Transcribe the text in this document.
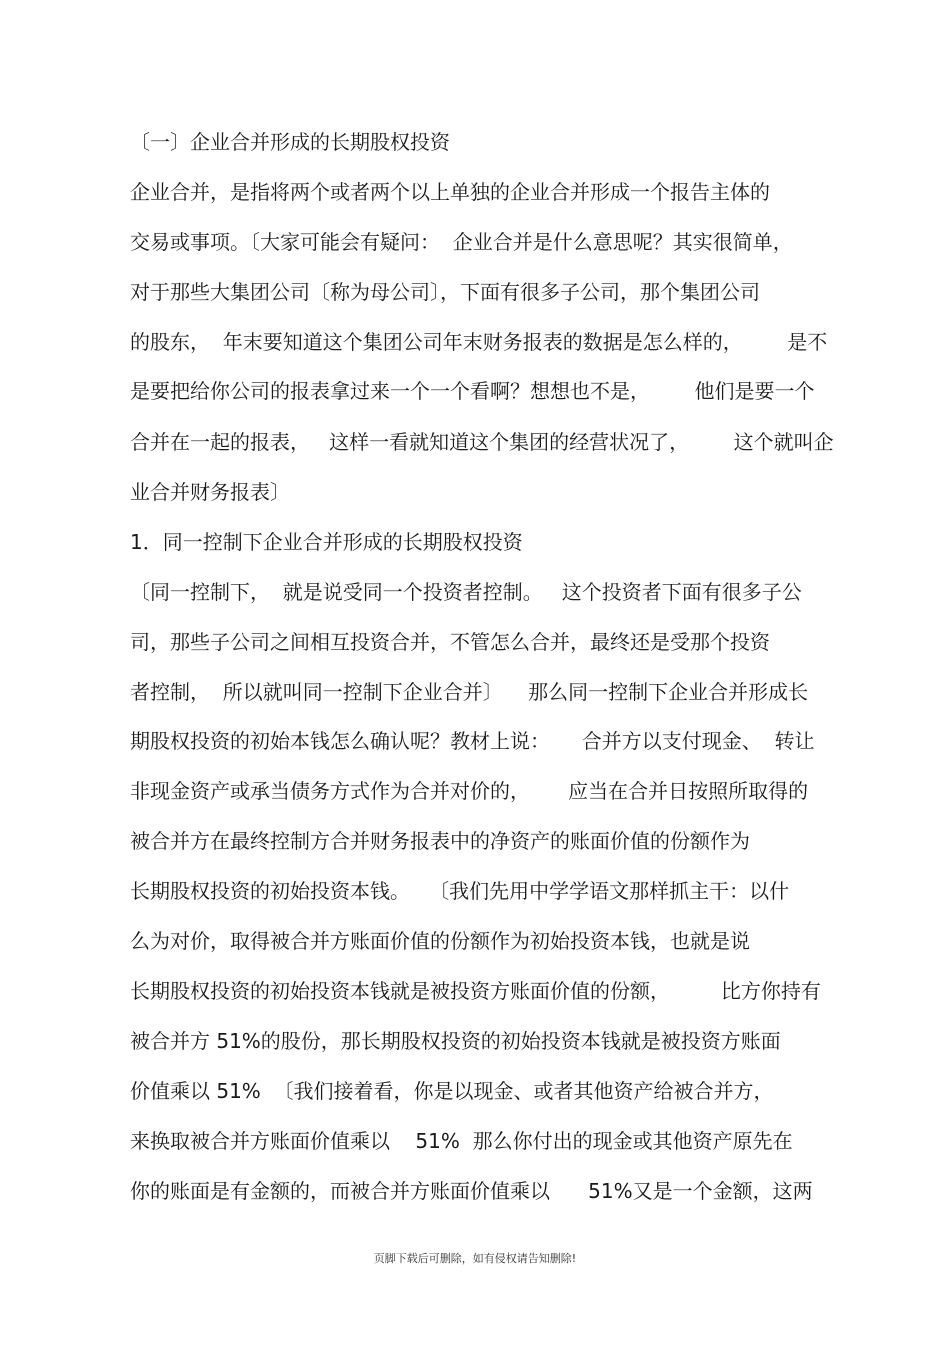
〔一〕企业合并形成的长期股权投资
企业合并，是指将两个或者两个以上单独的企业合并形成一个报告主体的
交易或事项。〔大家可能会有疑问：  企业合并是什么意思呢？其实很简单，
对于那些大集团公司〔称为母公司〕，下面有很多子公司，那个集团公司
的股东，  年末要知道这个集团公司年末财务报表的数据是怎么样的，       是不
是要把给你公司的报表拿过来一个一个看啊？想想也不是，       他们是要一个
合并在一起的报表，   这样一看就知道这个集团的经营状况了，       这个就叫企
业合并财务报表〕
1．同一控制下企业合并形成的长期股权投资
〔同一控制下，  就是说受同一个投资者控制。   这个投资者下面有很多子公
司，那些子公司之间相互投资合并，不管怎么合并，最终还是受那个投资
者控制，  所以就叫同一控制下企业合并〕    那么同一控制下企业合并形成长
期股权投资的初始本钱怎么确认呢？教材上说：     合并方以支付现金、  转让
非现金资产或承当债务方式作为合并对价的，      应当在合并日按照所取得的
被合并方在最终控制方合并财务报表中的净资产的账面价值的份额作为
长期股权投资的初始投资本钱。   〔我们先用中学学语文那样抓主干：以什
么为对价，取得被合并方账面价值的份额作为初始投资本钱，也就是说
长期股权投资的初始投资本钱就是被投资方账面价值的份额，        比方你持有
被合并方 51%的股份，那长期股权投资的初始投资本钱就是被投资方账面
价值乘以 51%  〔我们接着看，你是以现金、或者其他资产给被合并方，
来换取被合并方账面价值乘以    51%  那么你付出的现金或其他资产原先在
你的账面是有金额的，而被合并方账面价值乘以      51%又是一个金额，这两
页脚下载后可删除，如有侵权请告知删除!
